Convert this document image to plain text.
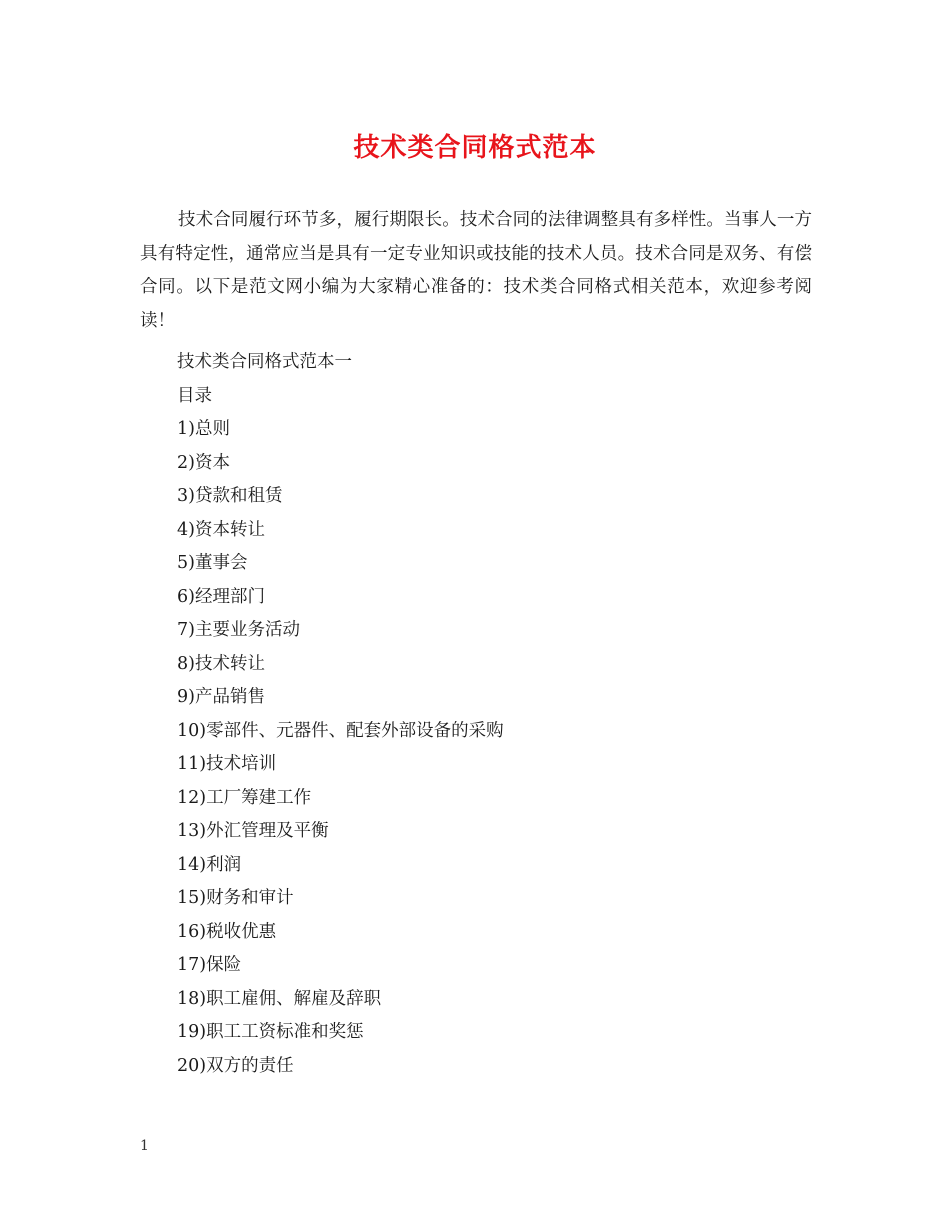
技术类合同格式范本

技术合同履行环节多，履行期限长。技术合同的法律调整具有多样性。当事人一方具有特定性，通常应当是具有一定专业知识或技能的技术人员。技术合同是双务、有偿合同。以下是范文网小编为大家精心准备的：技术类合同格式相关范本，欢迎参考阅读！

技术类合同格式范本一
目录
1)总则
2)资本
3)贷款和租赁
4)资本转让
5)董事会
6)经理部门
7)主要业务活动
8)技术转让
9)产品销售
10)零部件、元器件、配套外部设备的采购
11)技术培训
12)工厂筹建工作
13)外汇管理及平衡
14)利润
15)财务和审计
16)税收优惠
17)保险
18)职工雇佣、解雇及辞职
19)职工工资标准和奖惩
20)双方的责任
1
